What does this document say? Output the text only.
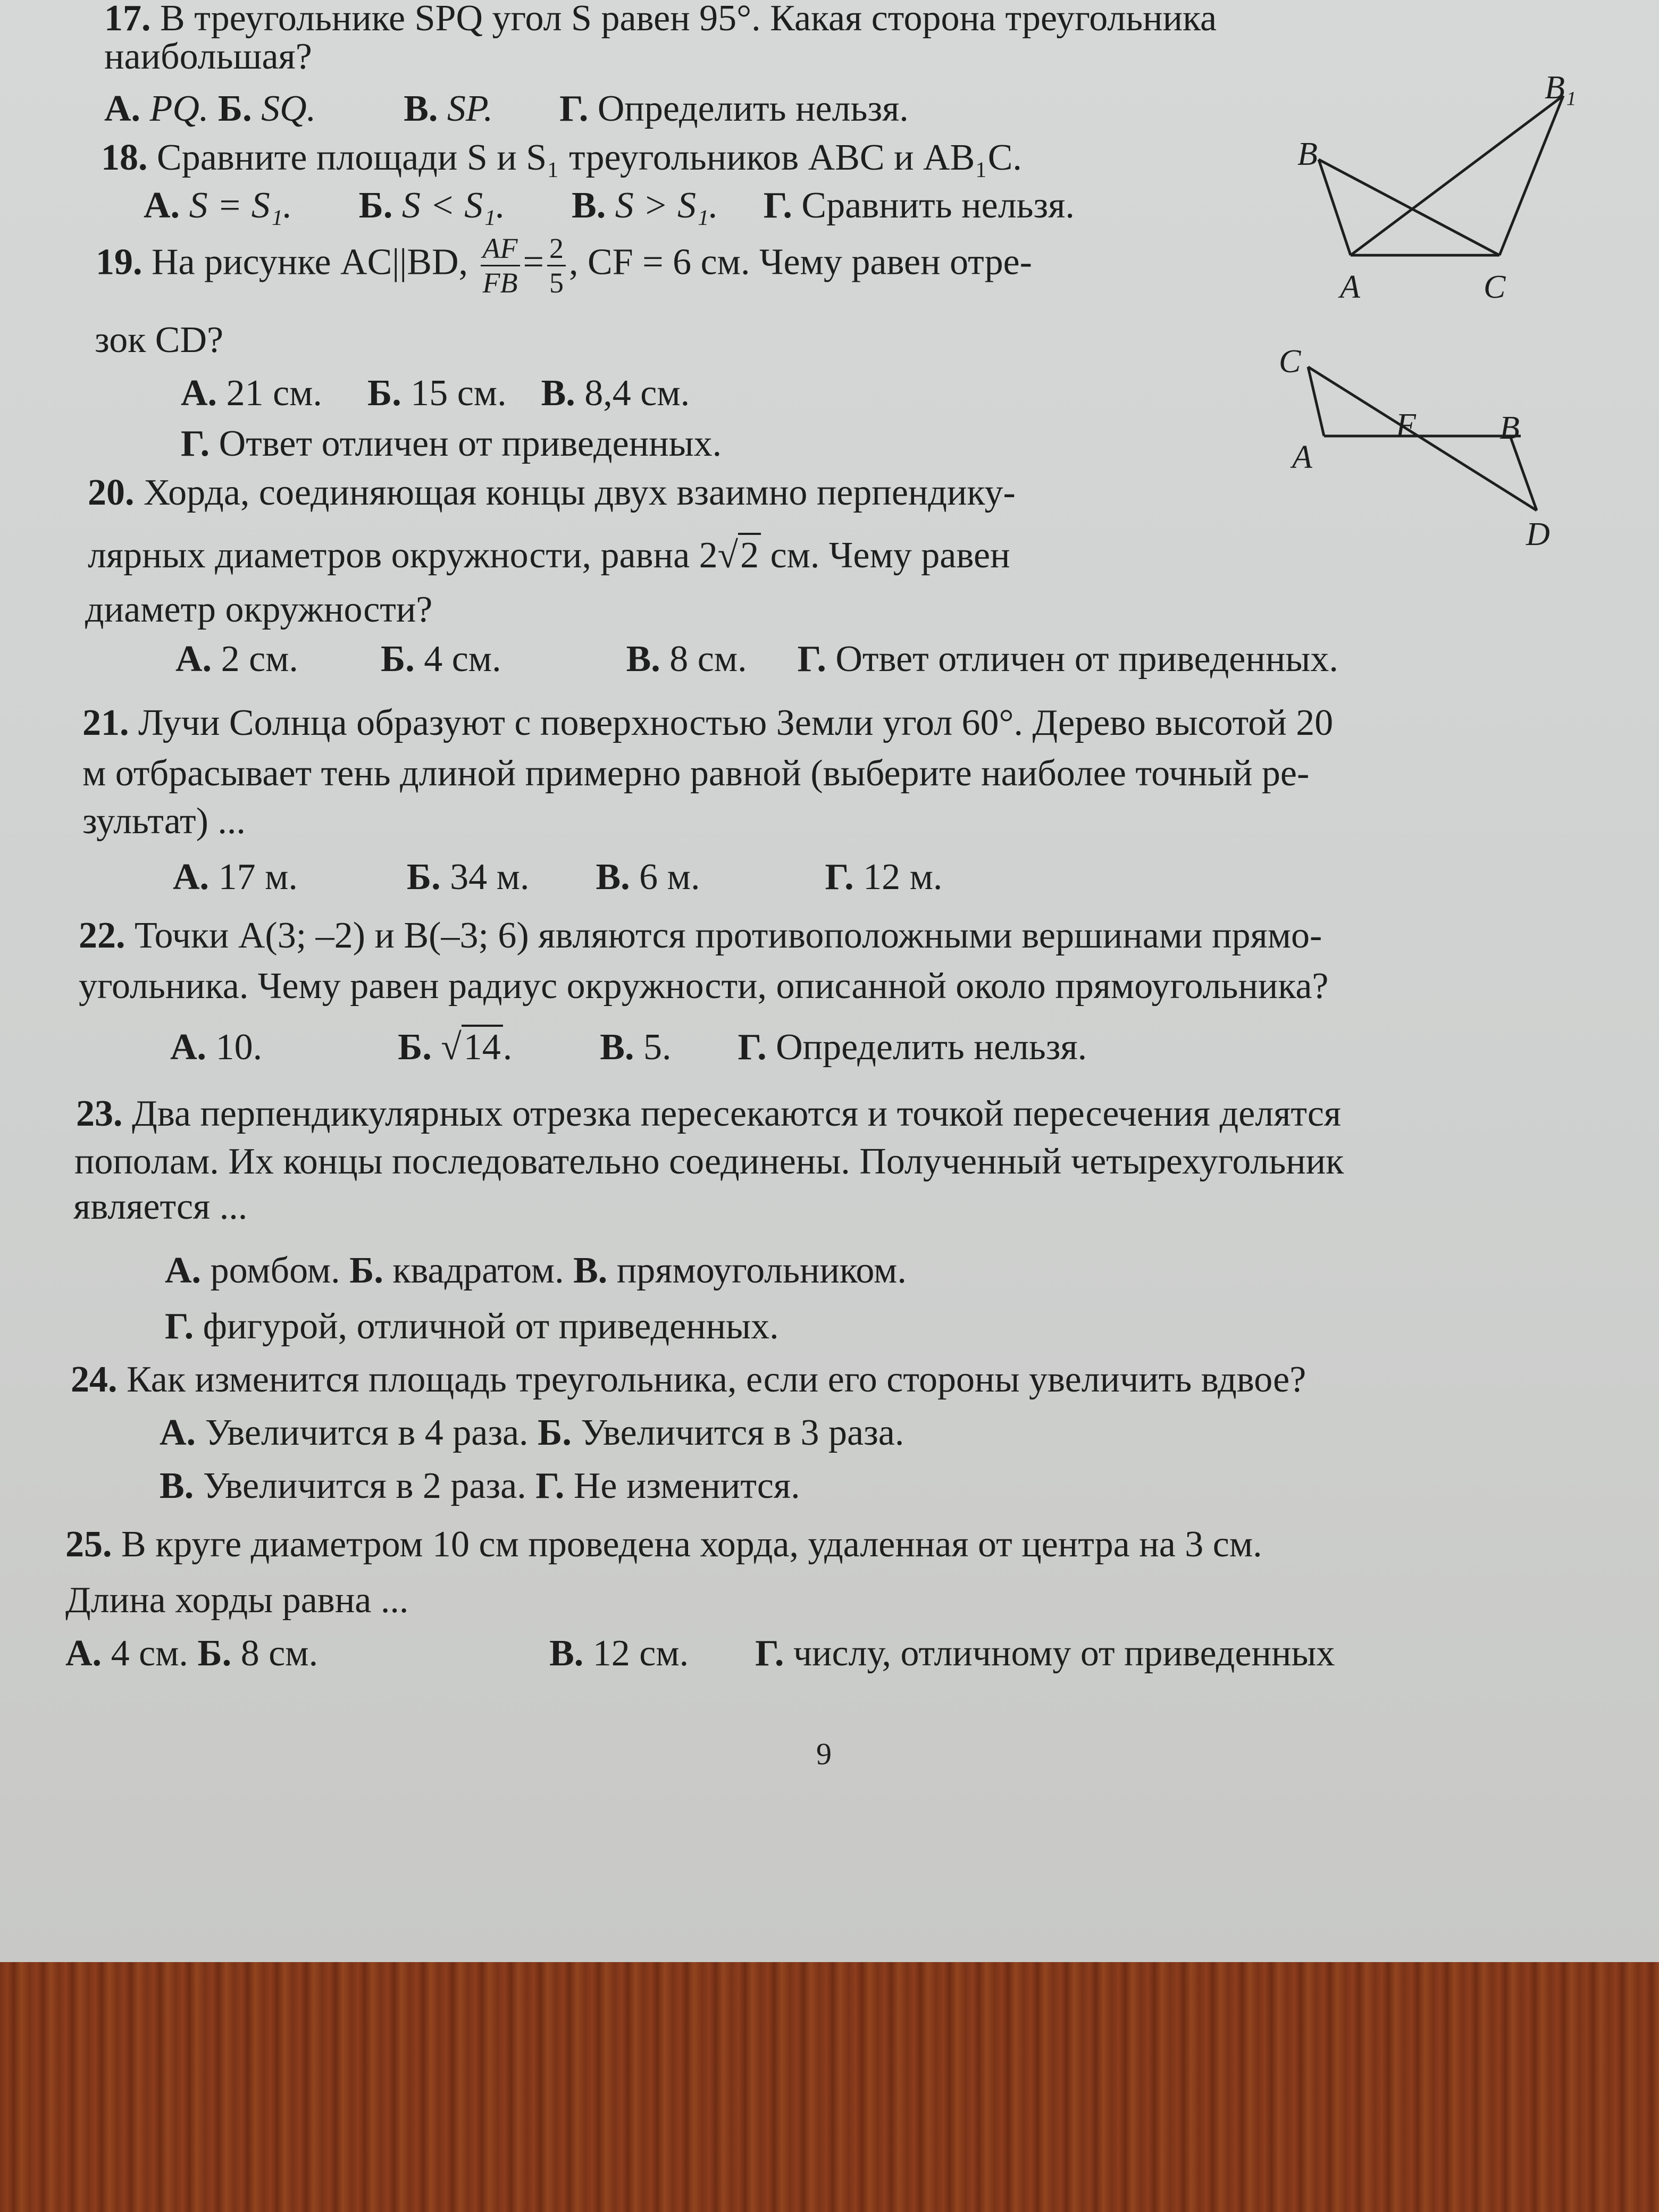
17. В треугольнике SPQ угол S равен 95°. Какая сторона треугольника
наибольшая?
А. PQ. Б. SQ. В. SP. Г. Определить нельзя.
18. Сравните площади S и S₁ треугольников ABC и AB₁C.
А. S = S₁. Б. S < S₁. В. S > S₁. Г. Сравнить нельзя.
19. На рисунке AC||BD, $\frac{AF}{FB} = \frac{2}{5}$ , CF = 6 см. Чему равен отре-
зок CD?
А. 21 см. Б. 15 см. В. 8,4 см.
Г. Ответ отличен от приведенных.
20. Хорда, соединяющая концы двух взаимно перпендику-
лярных диаметров окружности, равна 2√2 см. Чему равен
диаметр окружности?
А. 2 см. Б. 4 см.	В. 8 см. Г. Ответ отличен от приведенных.
21. Лучи Солнца образуют с поверхностью Земли угол 60°. Дерево высотой 20
м отбрасывает тень длиной примерно равной (выберите наиболее точный ре-
зультат) ...
А. 17 м.	Б. 34 м. В. 6 м.	Г. 12 м.
22. Точки A(3; –2) и B(–3; 6) являются противоположными вершинами прямо-
угольника. Чему равен радиус окружности, описанной около прямоугольника?
А. 10.	Б. √14. В. 5. Г. Определить нельзя.
23. Два перпендикулярных отрезка пересекаются и точкой пересечения делятся
пополам. Их концы последовательно соединены. Полученный четырехугольник
является ...
А. ромбом. Б. квадратом. В. прямоугольником.
Г. фигурой, отличной от приведенных.
24. Как изменится площадь треугольника, если его стороны увеличить вдвое?
А. Увеличится в 4 раза. Б. Увеличится в 3 раза.
В. Увеличится в 2 раза. Г. Не изменится.
25. В круге диаметром 10 см проведена хорда, удаленная от центра на 3 см.
Длина хорды равна ...
А. 4 см. Б. 8 см.	В. 12 см. Г. числу, отличному от приведенных
9
B
B₁
A	C
C
A
F	B
D
